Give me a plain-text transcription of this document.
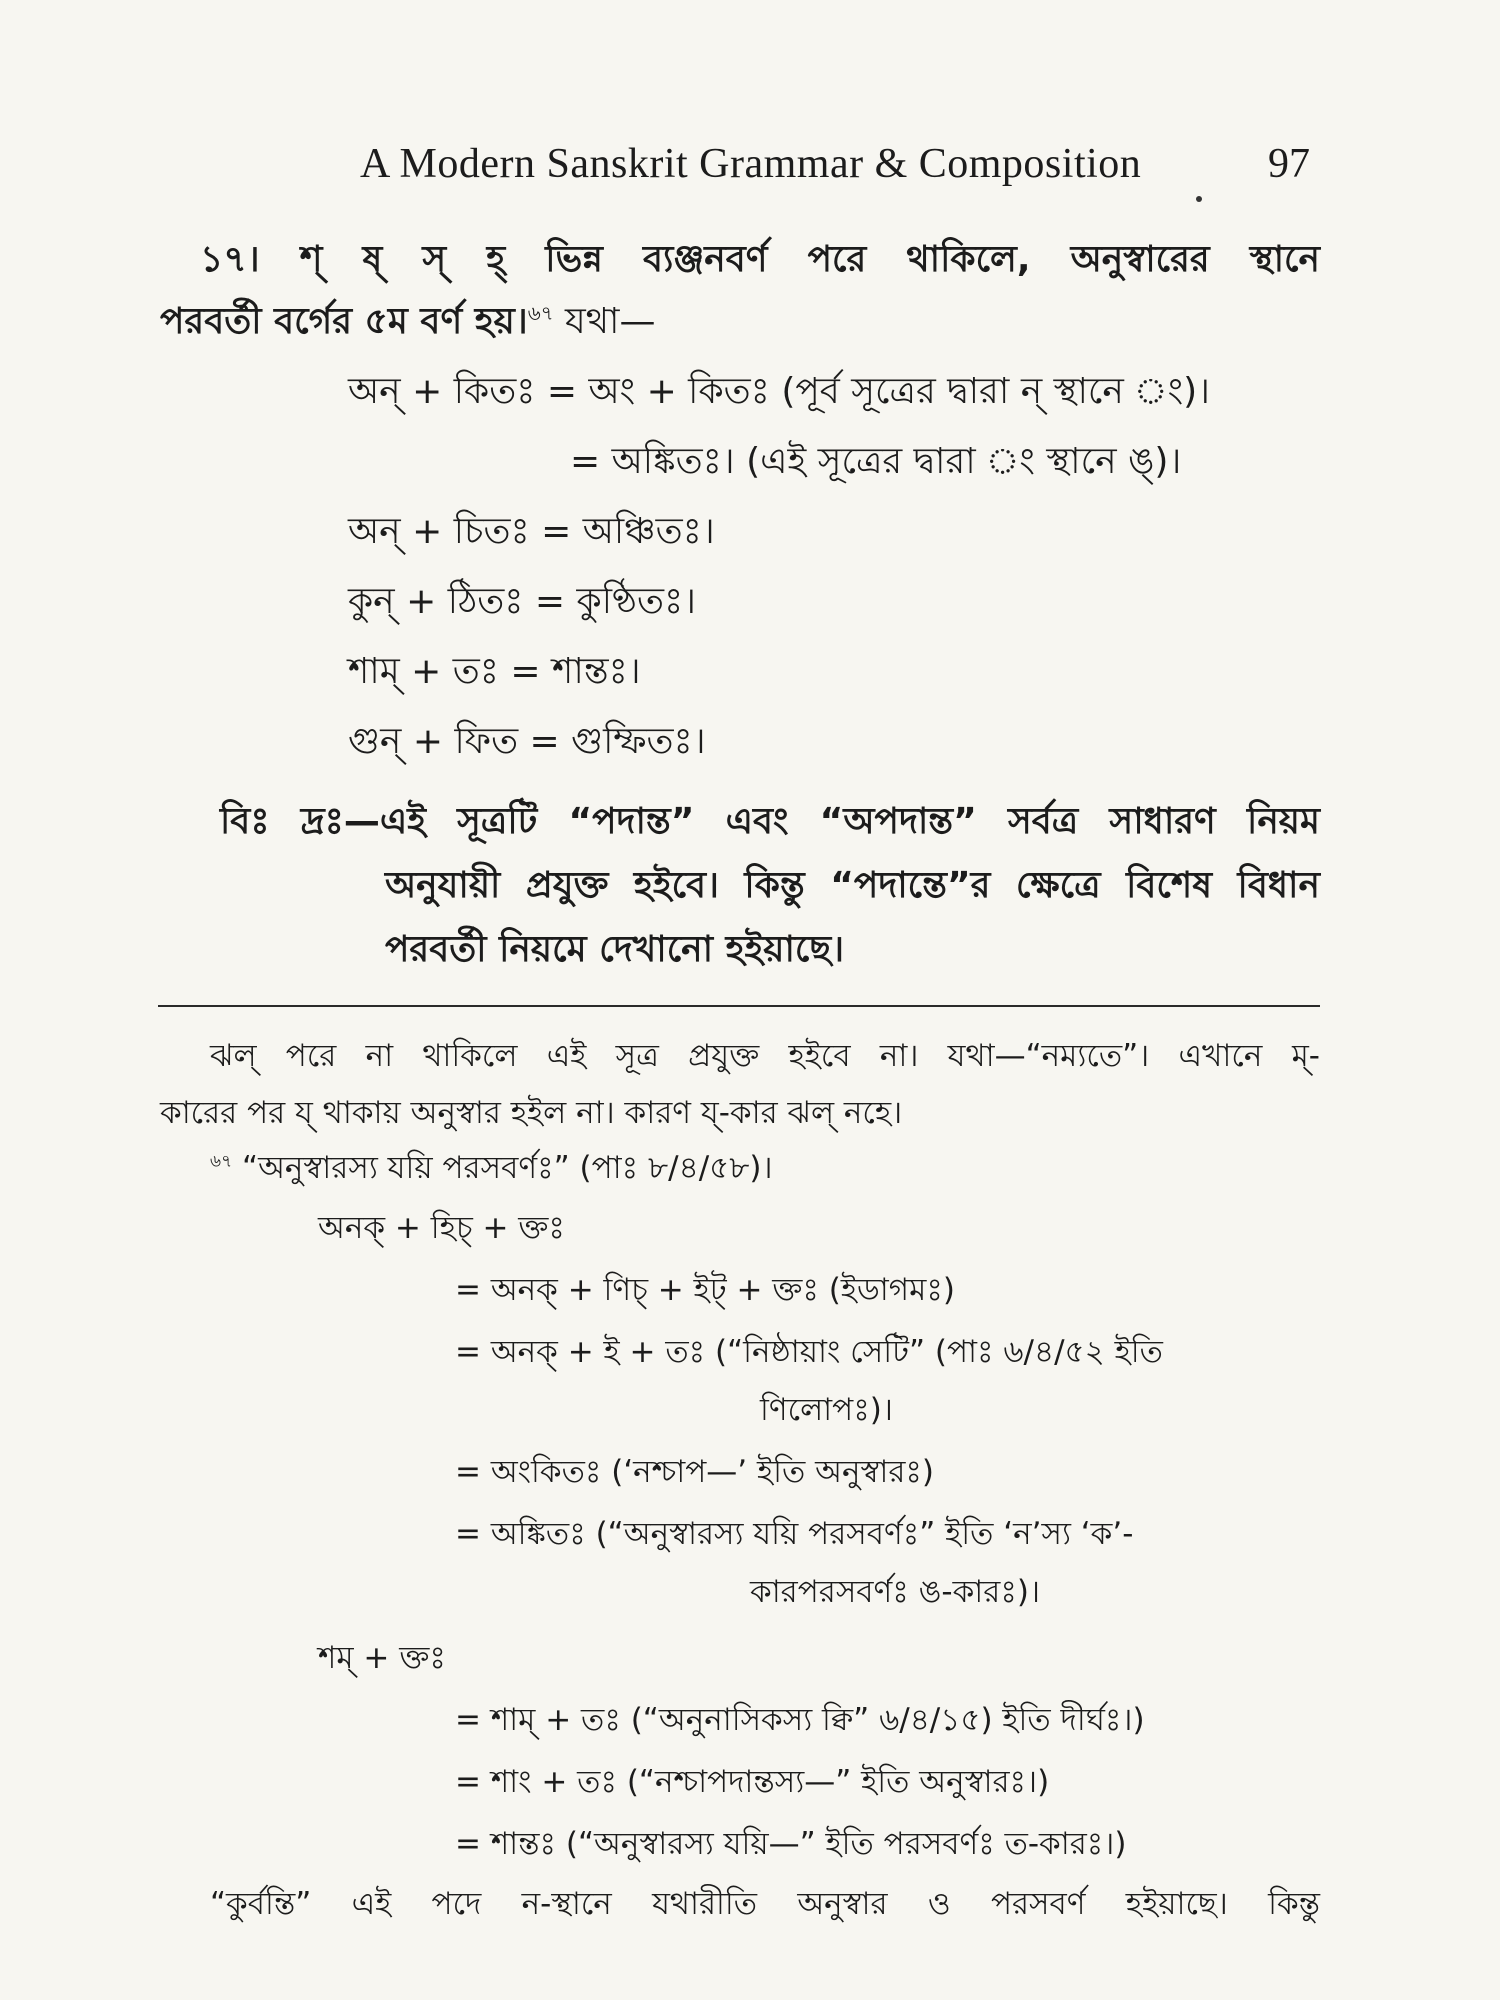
A Modern Sanskrit Grammar & Composition	97
১৭। শ্ ষ্ স্ হ্ ভিন্ন ব্যঞ্জনবর্ণ পরে থাকিলে, অনুস্বারের স্থানে
পরবর্তী বর্গের ৫ম বর্ণ হয়।$^{৬৭}$ যথা—
অন্ + কিতঃ = অং + কিতঃ (পূর্ব সূত্রের দ্বারা ন্ স্থানে ং)।
= অঙ্কিতঃ। (এই সূত্রের দ্বারা ং স্থানে ঙ্)।
অন্ + চিতঃ = অঞ্চিতঃ।
কুন্ + ঠিতঃ = কুণ্ঠিতঃ।
শাম্ + তঃ = শান্তঃ।
গুন্ + ফিত = গুম্ফিতঃ।
বিঃ দ্রঃ—এই সূত্রটি “পদান্ত” এবং “অপদান্ত” সর্বত্র সাধারণ নিয়ম
অনুযায়ী প্রযুক্ত হইবে। কিন্তু “পদান্তে”র ক্ষেত্রে বিশেষ বিধান
পরবর্তী নিয়মে দেখানো হইয়াছে।
ঝল্ পরে না থাকিলে এই সূত্র প্রযুক্ত হইবে না। যথা—“নম্যতে”। এখানে ম্-
কারের পর য্ থাকায় অনুস্বার হইল না। কারণ য্-কার ঝল্ নহে।
$^{৬৭}$ “অনুস্বারস্য যয়ি পরসবর্ণঃ” (পাঃ ৮/৪/৫৮)।
অনক্ + হিচ্ + ক্তঃ
= অনক্ + ণিচ্ + ইট্ + ক্তঃ (ইডাগমঃ)
= অনক্ + ই + তঃ (“নিষ্ঠায়াং সেটি” (পাঃ ৬/৪/৫২ ইতি
ণিলোপঃ)।
= অংকিতঃ (‘নশ্চাপ—’ ইতি অনুস্বারঃ)
= অঙ্কিতঃ (“অনুস্বারস্য যয়ি পরসবর্ণঃ” ইতি ‘ন’স্য ‘ক’-
কারপরসবর্ণঃ ঙ-কারঃ)।
শম্ + ক্তঃ
= শাম্ + তঃ (“অনুনাসিকস্য ক্বি” ৬/৪/১৫) ইতি দীর্ঘঃ।)
= শাং + তঃ (“নশ্চাপদান্তস্য—” ইতি অনুস্বারঃ।)
= শান্তঃ (“অনুস্বারস্য যয়ি—” ইতি পরসবর্ণঃ ত-কারঃ।)
“কুর্বন্তি” এই পদে ন-স্থানে যথারীতি অনুস্বার ও পরসবর্ণ হইয়াছে। কিন্তু
